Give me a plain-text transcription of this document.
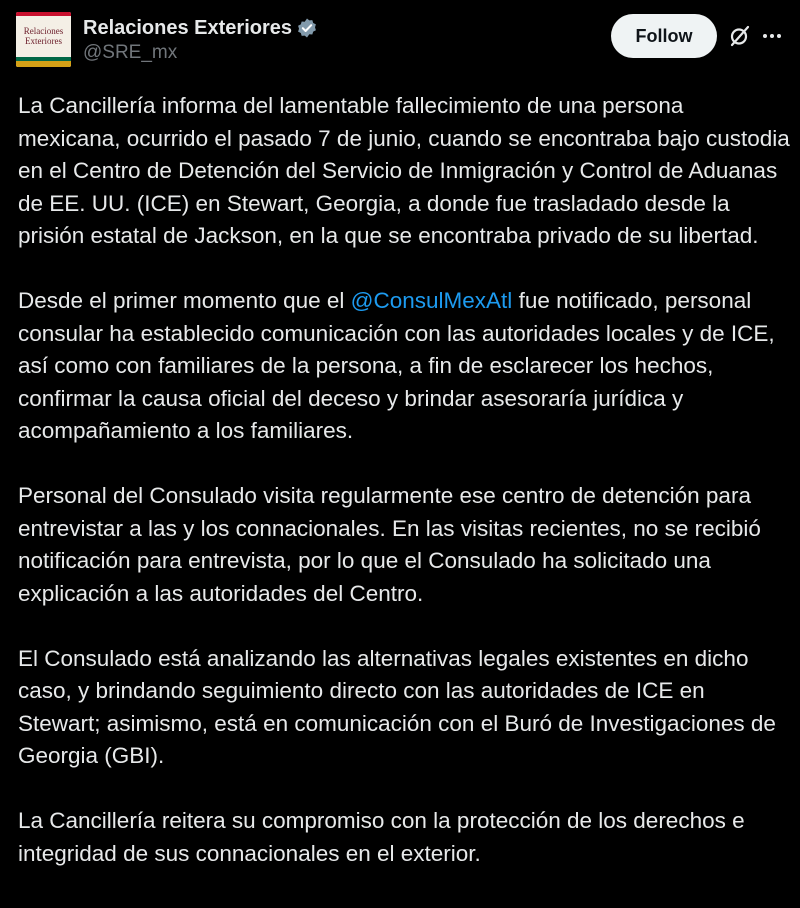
Relaciones
Exteriores
Relaciones Exteriores
@SRE_mx
Follow

La Cancillería informa del lamentable fallecimiento de una persona mexicana, ocurrido el pasado 7 de junio, cuando se encontraba bajo custodia en el Centro de Detención del Servicio de Inmigración y Control de Aduanas de EE. UU. (ICE) en Stewart, Georgia, a donde fue trasladado desde la prisión estatal de Jackson, en la que se encontraba privado de su libertad.

Desde el primer momento que el @ConsulMexAtl fue notificado, personal consular ha establecido comunicación con las autoridades locales y de ICE, así como con familiares de la persona, a fin de esclarecer los hechos, confirmar la causa oficial del deceso y brindar asesoraría jurídica y acompañamiento a los familiares.

Personal del Consulado visita regularmente ese centro de detención para entrevistar a las y los connacionales. En las visitas recientes, no se recibió notificación para entrevista, por lo que el Consulado ha solicitado una explicación a las autoridades del Centro.

El Consulado está analizando las alternativas legales existentes en dicho caso, y brindando seguimiento directo con las autoridades de ICE en Stewart; asimismo, está en comunicación con el Buró de Investigaciones de Georgia (GBI).

La Cancillería reitera su compromiso con la protección de los derechos e integridad de sus connacionales en el exterior.
